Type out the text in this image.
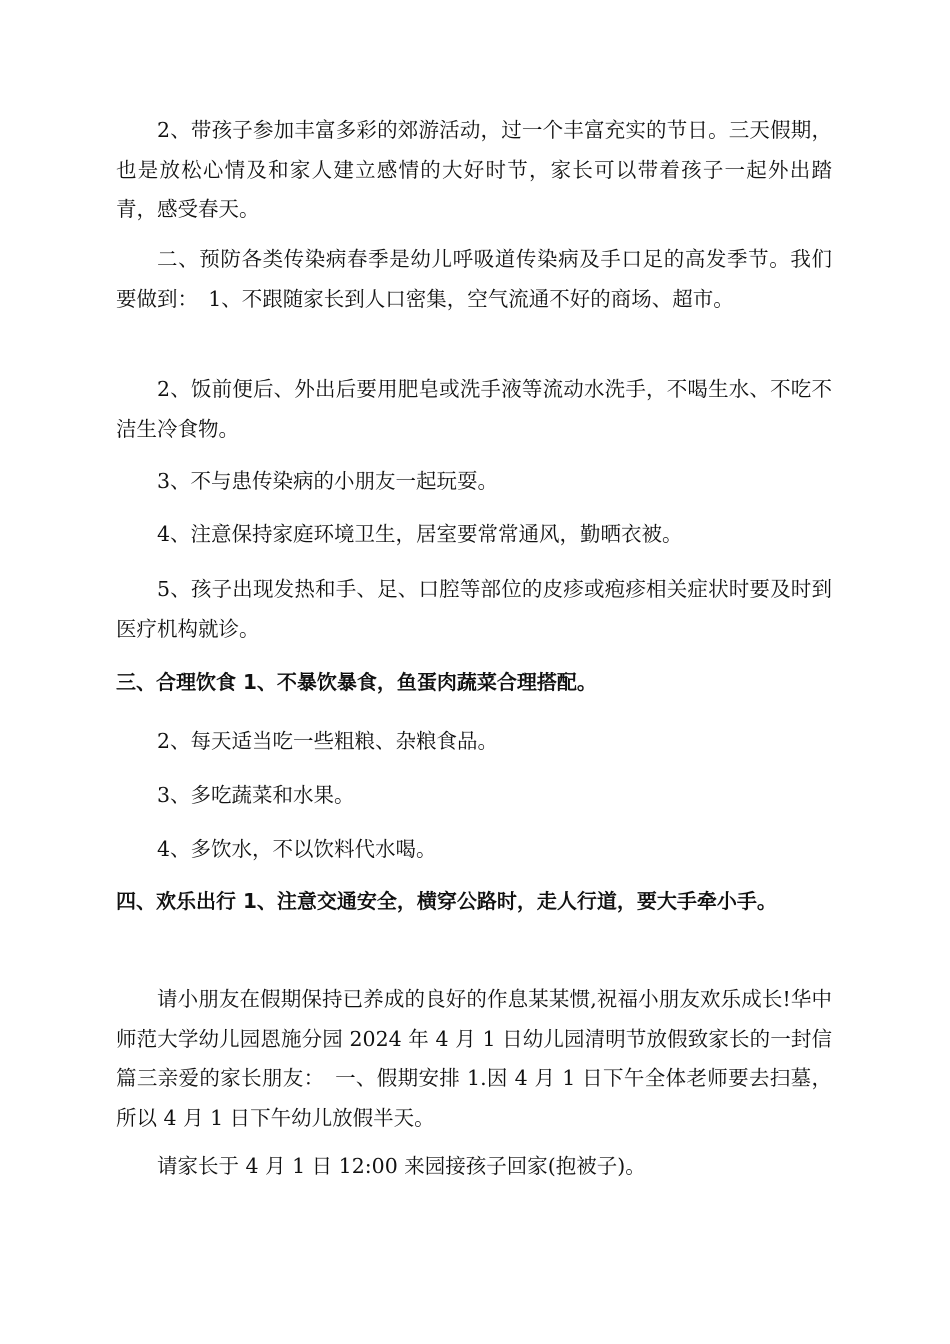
2、带孩子参加丰富多彩的郊游活动，过一个丰富充实的节日。三天假期，也是放松心情及和家人建立感情的大好时节，家长可以带着孩子一起外出踏青，感受春天。

二、预防各类传染病春季是幼儿呼吸道传染病及手口足的高发季节。我们要做到：　1、不跟随家长到人口密集，空气流通不好的商场、超市。

2、饭前便后、外出后要用肥皂或洗手液等流动水洗手，不喝生水、不吃不洁生冷食物。

3、不与患传染病的小朋友一起玩耍。

4、注意保持家庭环境卫生，居室要常常通风，勤晒衣被。

5、孩子出现发热和手、足、口腔等部位的皮疹或疱疹相关症状时要及时到医疗机构就诊。

三、合理饮食 1、不暴饮暴食，鱼蛋肉蔬菜合理搭配。

2、每天适当吃一些粗粮、杂粮食品。

3、多吃蔬菜和水果。

4、多饮水，不以饮料代水喝。

四、欢乐出行 1、注意交通安全，横穿公路时，走人行道，要大手牵小手。

请小朋友在假期保持已养成的良好的作息某某惯,祝福小朋友欢乐成长!华中师范大学幼儿园恩施分园 2024 年 4 月 1 日幼儿园清明节放假致家长的一封信篇三亲爱的家长朋友：　一、假期安排 1.因 4 月 1 日下午全体老师要去扫墓，所以 4 月 1 日下午幼儿放假半天。

请家长于 4 月 1 日 12:00 来园接孩子回家(抱被子)。
